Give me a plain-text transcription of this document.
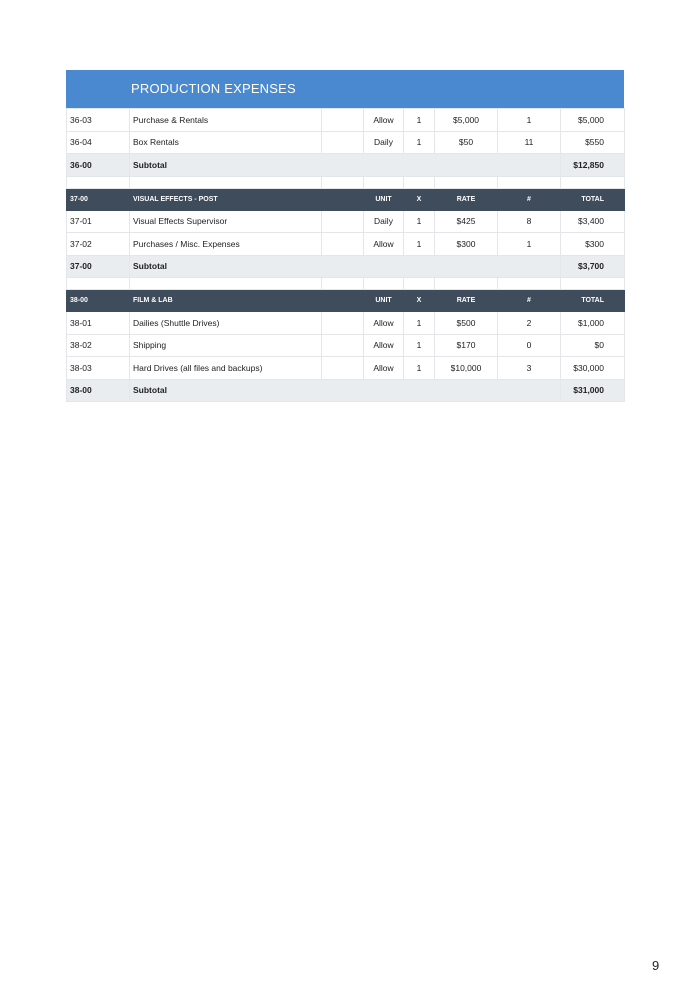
PRODUCTION EXPENSES
36-03	Purchase & Rentals		Allow	1	$5,000	1	$5,000
36-04	Box Rentals		Daily	1	$50	11	$550
36-00	Subtotal						$12,850

37-00	VISUAL EFFECTS - POST		UNIT	X	RATE	#	TOTAL
37-01	Visual Effects Supervisor		Daily	1	$425	8	$3,400
37-02	Purchases / Misc. Expenses		Allow	1	$300	1	$300
37-00	Subtotal						$3,700

38-00	FILM & LAB		UNIT	X	RATE	#	TOTAL
38-01	Dailies (Shuttle Drives)		Allow	1	$500	2	$1,000
38-02	Shipping		Allow	1	$170	0	$0
38-03	Hard Drives (all files and backups)		Allow	1	$10,000	3	$30,000
38-00	Subtotal						$31,000
9
